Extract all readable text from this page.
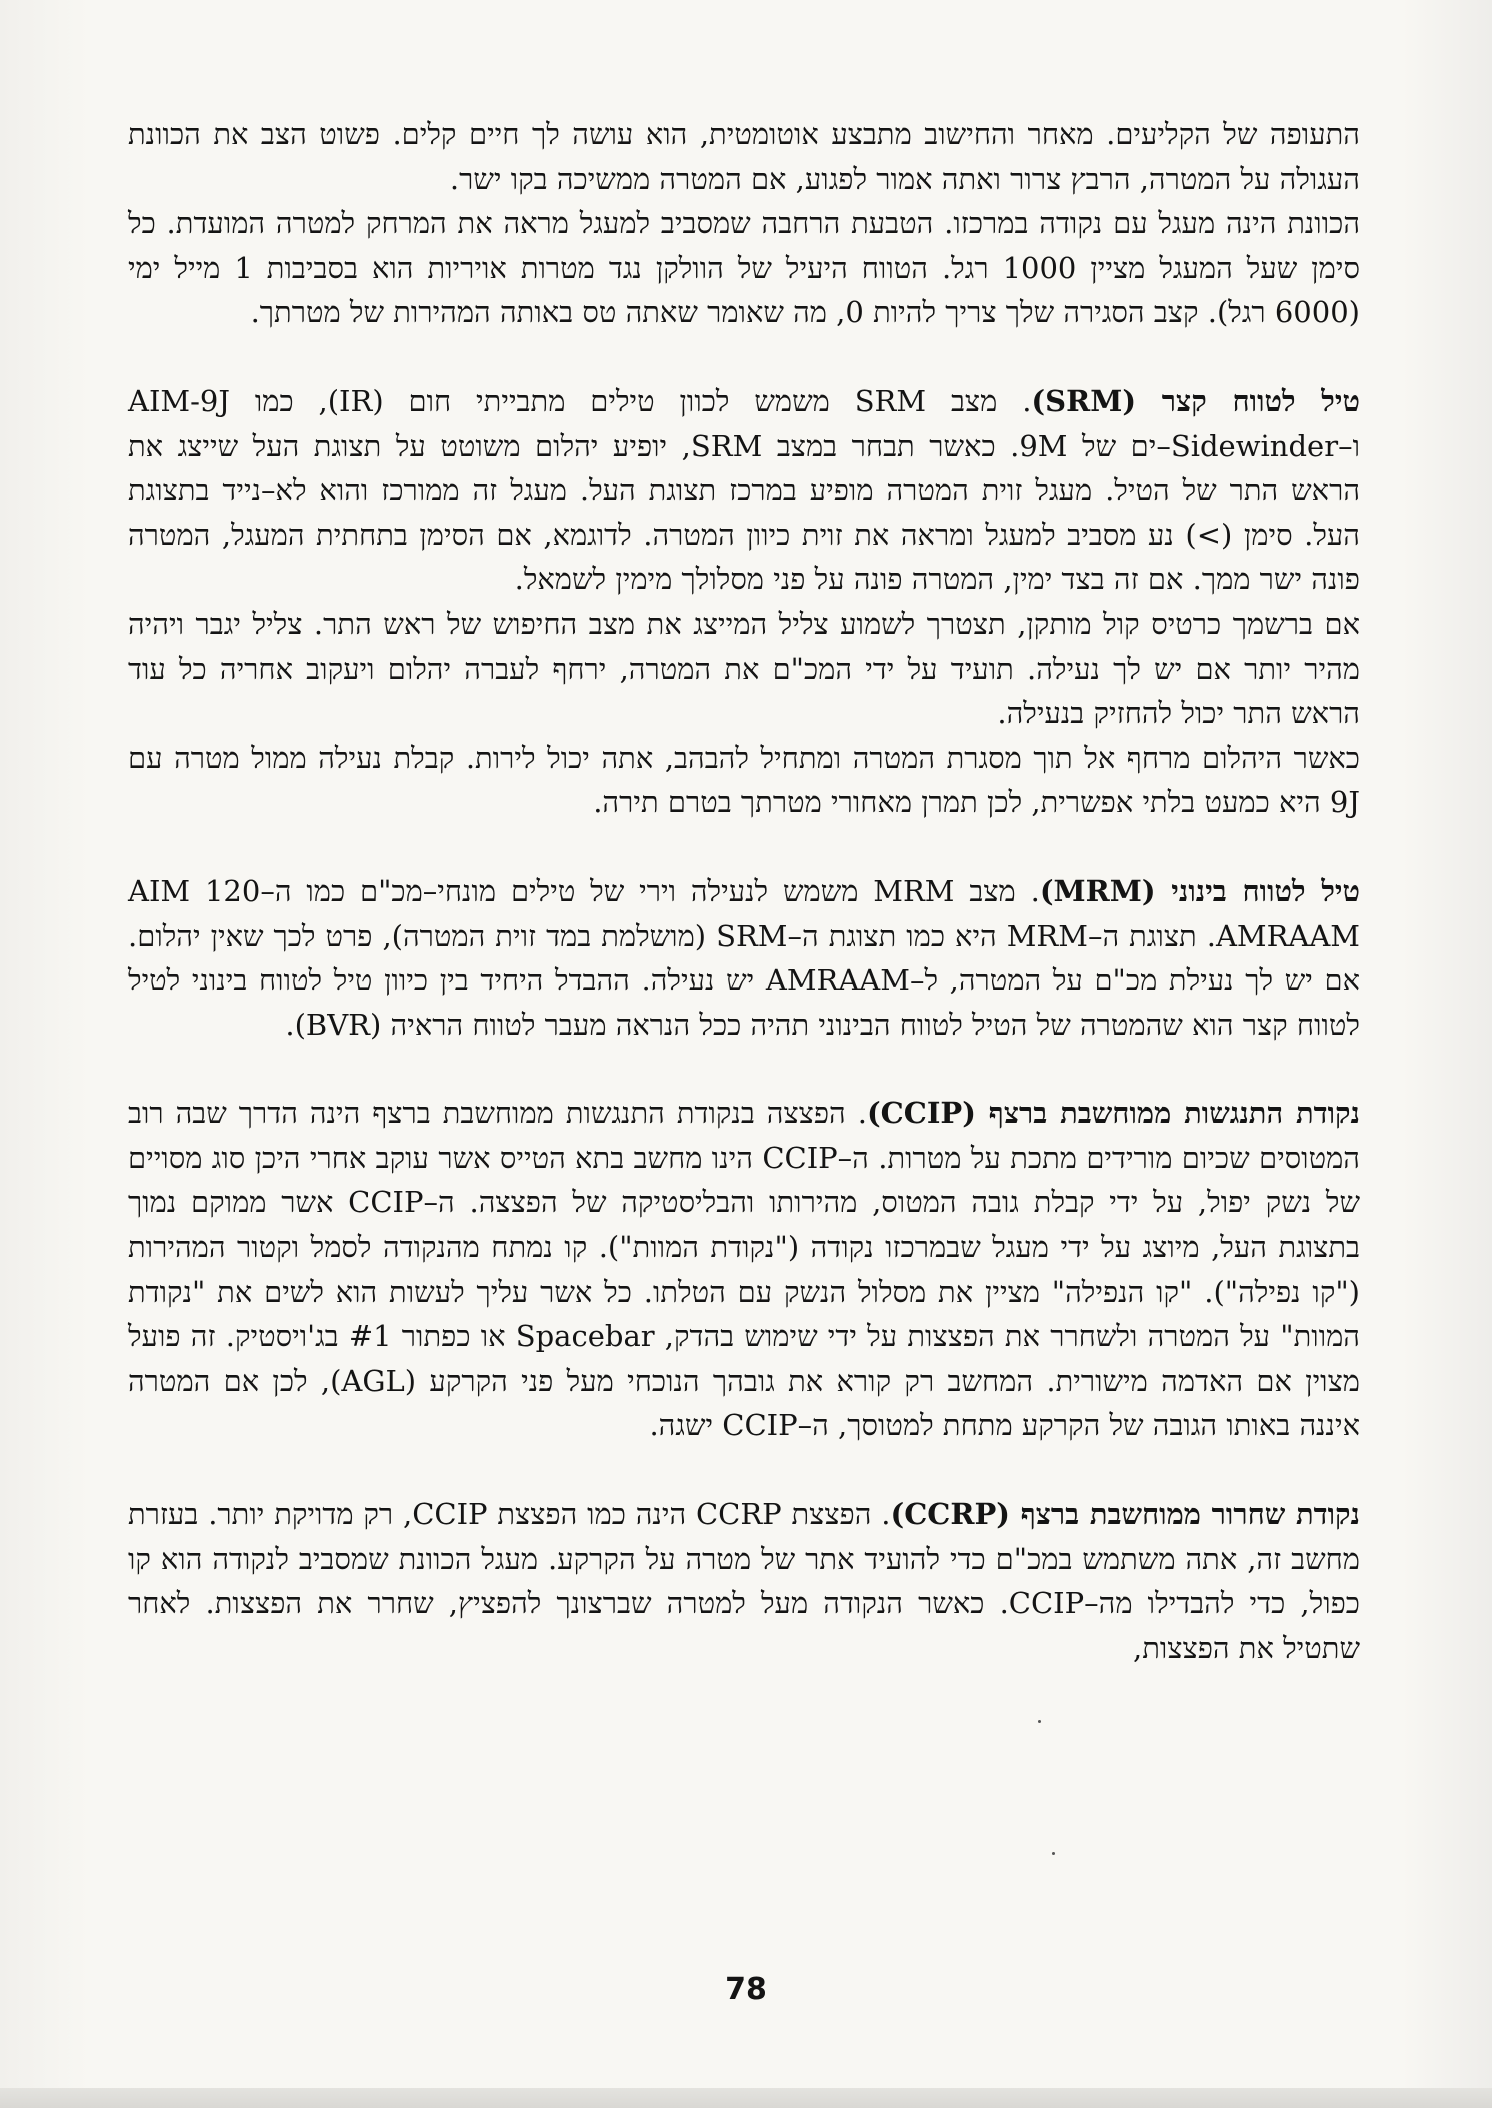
התעופה של הקליעים. מאחר והחישוב מתבצע אוטומטית, הוא עושה לך חיים קלים. פשוט הצב את הכוונת העגולה על המטרה, הרבץ צרור ואתה אמור לפגוע, אם המטרה ממשיכה בקו ישר.

הכוונת הינה מעגל עם נקודה במרכזו. הטבעת הרחבה שמסביב למעגל מראה את המרחק למטרה המועדת. כל סימן שעל המעגל מציין 1000 רגל. הטווח היעיל של הוולקן נגד מטרות אויריות הוא בסביבות 1 מייל ימי (6000 רגל). קצב הסגירה שלך צריך להיות 0, מה שאומר שאתה טס באותה המהירות של מטרתך.

טיל לטווח קצר (SRM). מצב SRM משמש לכוון טילים מתבייתי חום (IR), כמו AIM-9J ו–Sidewinder–ים של 9M. כאשר תבחר במצב SRM, יופיע יהלום משוטט על תצוגת העל שייצג את הראש התר של הטיל. מעגל זוית המטרה מופיע במרכז תצוגת העל. מעגל זה ממורכז והוא לא–נייד בתצוגת העל. סימן (>) נע מסביב למעגל ומראה את זוית כיוון המטרה. לדוגמא, אם הסימן בתחתית המעגל, המטרה פונה ישר ממך. אם זה בצד ימין, המטרה פונה על פני מסלולך מימין לשמאל.

אם ברשמך כרטיס קול מותקן, תצטרך לשמוע צליל המייצג את מצב החיפוש של ראש התר. צליל יגבר ויהיה מהיר יותר אם יש לך נעילה. תועיד על ידי המכ"ם את המטרה, ירחף לעברה יהלום ויעקוב אחריה כל עוד הראש התר יכול להחזיק בנעילה.

כאשר היהלום מרחף אל תוך מסגרת המטרה ומתחיל להבהב, אתה יכול לירות. קבלת נעילה ממול מטרה עם 9J היא כמעט בלתי אפשרית, לכן תמרן מאחורי מטרתך בטרם תירה.

טיל לטווח בינוני (MRM). מצב MRM משמש לנעילה וירי של טילים מונחי–מכ"ם כמו ה–AIM 120 AMRAAM. תצוגת ה–MRM היא כמו תצוגת ה–SRM (מושלמת במד זוית המטרה), פרט לכך שאין יהלום. אם יש לך נעילת מכ"ם על המטרה, ל–AMRAAM יש נעילה. ההבדל היחיד בין כיוון טיל לטווח בינוני לטיל לטווח קצר הוא שהמטרה של הטיל לטווח הבינוני תהיה ככל הנראה מעבר לטווח הראיה (BVR).

נקודת התנגשות ממוחשבת ברצף (CCIP). הפצצה בנקודת התנגשות ממוחשבת ברצף הינה הדרך שבה רוב המטוסים שכיום מורידים מתכת על מטרות. ה–CCIP הינו מחשב בתא הטייס אשר עוקב אחרי היכן סוג מסויים של נשק יפול, על ידי קבלת גובה המטוס, מהירותו והבליסטיקה של הפצצה. ה–CCIP אשר ממוקם נמוך בתצוגת העל, מיוצג על ידי מעגל שבמרכזו נקודה ("נקודת המוות"). קו נמתח מהנקודה לסמל וקטור המהירות ("קו נפילה"). "קו הנפילה" מציין את מסלול הנשק עם הטלתו. כל אשר עליך לעשות הוא לשים את "נקודת המוות" על המטרה ולשחרר את הפצצות על ידי שימוש בהדק, Spacebar או כפתור #1 בג'ויסטיק. זה פועל מצוין אם האדמה מישורית. המחשב רק קורא את גובהך הנוכחי מעל פני הקרקע (AGL), לכן אם המטרה איננה באותו הגובה של הקרקע מתחת למטוסך, ה–CCIP ישגה.

נקודת שחרור ממוחשבת ברצף (CCRP). הפצצת CCRP הינה כמו הפצצת CCIP, רק מדויקת יותר. בעזרת מחשב זה, אתה משתמש במכ"ם כדי להועיד אתר של מטרה על הקרקע. מעגל הכוונת שמסביב לנקודה הוא קו כפול, כדי להבדילו מה–CCIP. כאשר הנקודה מעל למטרה שברצונך להפציץ, שחרר את הפצצות. לאחר שתטיל את הפצצות,

78
